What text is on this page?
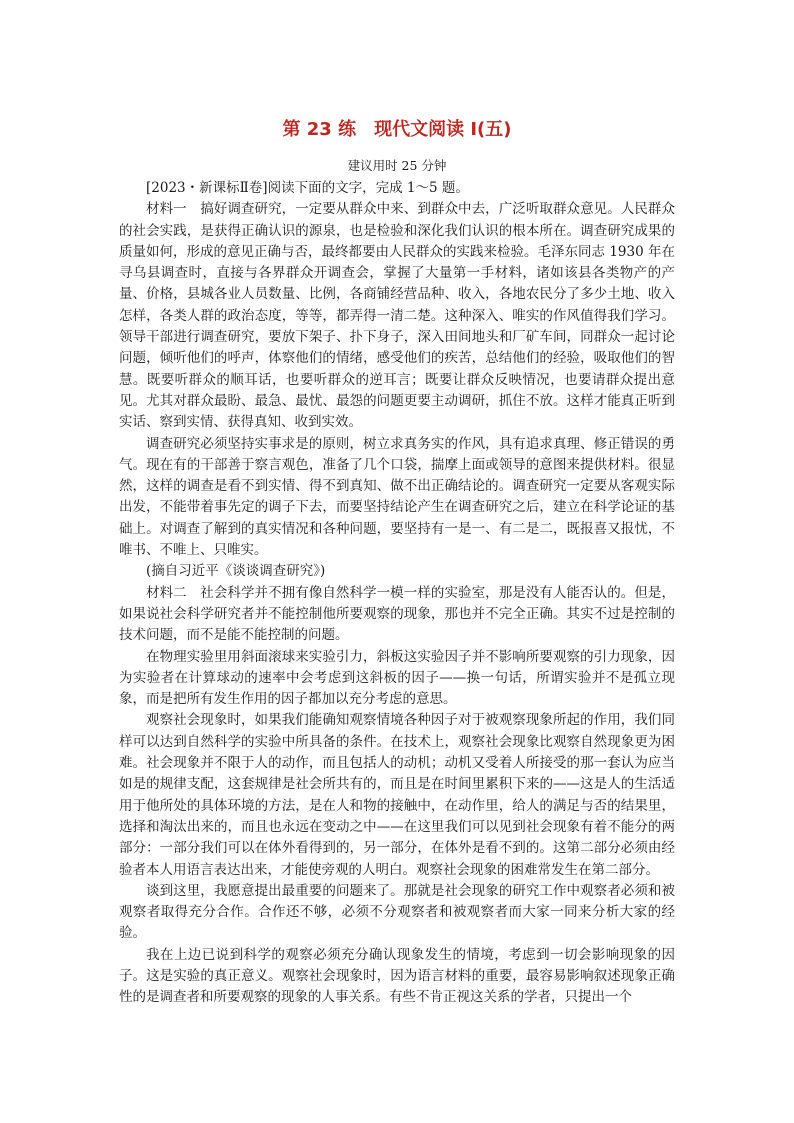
第 23 练　现代文阅读 Ⅰ(五)

建议用时 25 分钟

[2023・新课标Ⅱ卷]阅读下面的文字，完成 1～5 题。

材料一　搞好调查研究，一定要从群众中来、到群众中去，广泛听取群众意见。人民群众的社会实践，是获得正确认识的源泉，也是检验和深化我们认识的根本所在。调查研究成果的质量如何，形成的意见正确与否，最终都要由人民群众的实践来检验。毛泽东同志 1930 年在寻乌县调查时，直接与各界群众开调查会，掌握了大量第一手材料，诸如该县各类物产的产量、价格，县城各业人员数量、比例，各商铺经营品种、收入，各地农民分了多少土地、收入怎样，各类人群的政治态度，等等，都弄得一清二楚。这种深入、唯实的作风值得我们学习。领导干部进行调查研究，要放下架子、扑下身子，深入田间地头和厂矿车间，同群众一起讨论问题，倾听他们的呼声，体察他们的情绪，感受他们的疾苦，总结他们的经验，吸取他们的智慧。既要听群众的顺耳话，也要听群众的逆耳言；既要让群众反映情况，也要请群众提出意见。尤其对群众最盼、最急、最忧、最怨的问题更要主动调研，抓住不放。这样才能真正听到实话、察到实情、获得真知、收到实效。

调查研究必须坚持实事求是的原则，树立求真务实的作风，具有追求真理、修正错误的勇气。现在有的干部善于察言观色，准备了几个口袋，揣摩上面或领导的意图来提供材料。很显然，这样的调查是看不到实情、得不到真知、做不出正确结论的。调查研究一定要从客观实际出发，不能带着事先定的调子下去，而要坚持结论产生在调查研究之后，建立在科学论证的基础上。对调查了解到的真实情况和各种问题，要坚持有一是一、有二是二，既报喜又报忧，不唯书、不唯上、只唯实。

(摘自习近平《谈谈调查研究》)

材料二　社会科学并不拥有像自然科学一模一样的实验室，那是没有人能否认的。但是，如果说社会科学研究者并不能控制他所要观察的现象，那也并不完全正确。其实不过是控制的技术问题，而不是能不能控制的问题。

在物理实验里用斜面滚球来实验引力，斜板这实验因子并不影响所要观察的引力现象，因为实验者在计算球动的速率中会考虑到这斜板的因子——换一句话，所谓实验并不是孤立现象，而是把所有发生作用的因子都加以充分考虑的意思。

观察社会现象时，如果我们能确知观察情境各种因子对于被观察现象所起的作用，我们同样可以达到自然科学的实验中所具备的条件。在技术上，观察社会现象比观察自然现象更为困难。社会现象并不限于人的动作，而且包括人的动机；动机又受着人所接受的那一套认为应当如是的规律支配，这套规律是社会所共有的，而且是在时间里累积下来的——这是人的生活适用于他所处的具体环境的方法，是在人和物的接触中，在动作里，给人的满足与否的结果里，选择和淘汰出来的，而且也永远在变动之中——在这里我们可以见到社会现象有着不能分的两部分：一部分我们可以在体外看得到的，另一部分，在体外是看不到的。这第二部分必须由经验者本人用语言表达出来，才能使旁观的人明白。观察社会现象的困难常发生在第二部分。

谈到这里，我愿意提出最重要的问题来了。那就是社会现象的研究工作中观察者必须和被观察者取得充分合作。合作还不够，必须不分观察者和被观察者而大家一同来分析大家的经验。

我在上边已说到科学的观察必须充分确认现象发生的情境，考虑到一切会影响现象的因子。这是实验的真正意义。观察社会现象时，因为语言材料的重要，最容易影响叙述现象正确性的是调查者和所要观察的现象的人事关系。有些不肯正视这关系的学者，只提出一个
